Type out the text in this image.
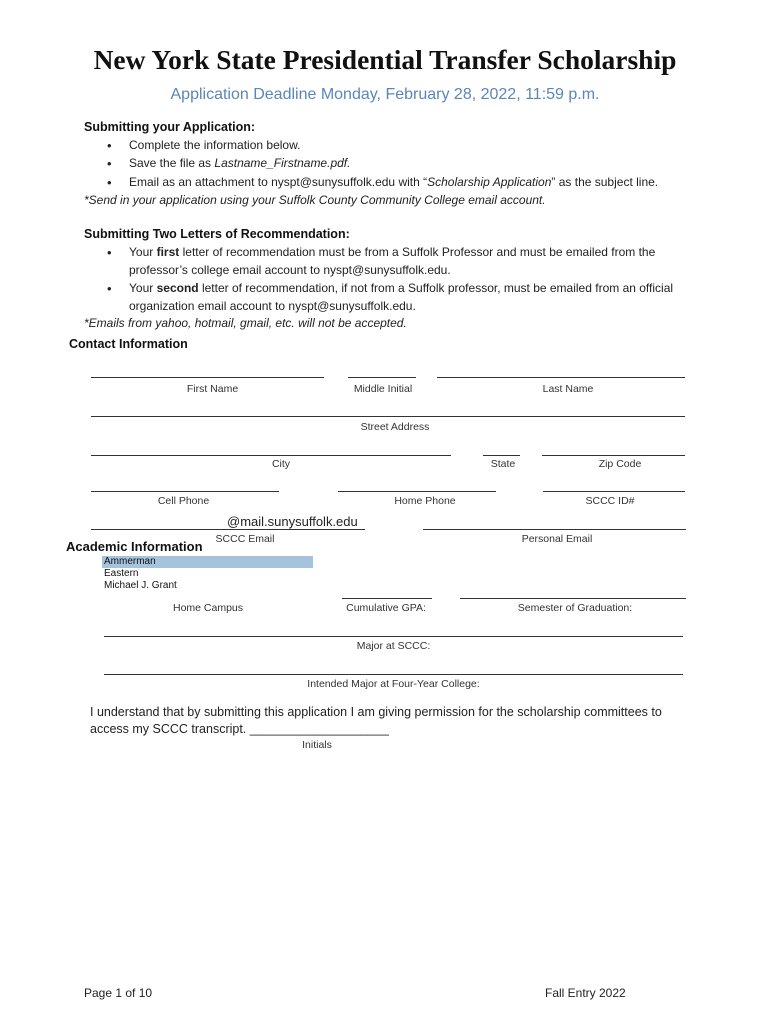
New York State Presidential Transfer Scholarship
Application Deadline Monday, February 28, 2022, 11:59 p.m.
Submitting your Application:
• Complete the information below.
• Save the file as Lastname_Firstname.pdf.
• Email as an attachment to nyspt@sunysuffolk.edu with “Scholarship Application” as the subject line.
*Send in your application using your Suffolk County Community College email account.
Submitting Two Letters of Recommendation:
• Your first letter of recommendation must be from a Suffolk Professor and must be emailed from the
professor’s college email account to nyspt@sunysuffolk.edu.
• Your second letter of recommendation, if not from a Suffolk professor, must be emailed from an official
organization email account to nyspt@sunysuffolk.edu.
*Emails from yahoo, hotmail, gmail, etc. will not be accepted.
Contact Information
First Name	Middle Initial	Last Name
Street Address
City	State	Zip Code
Cell Phone	Home Phone	SCCC ID#
@mail.sunysuffolk.edu
SCCC Email	Personal Email
Academic Information
Ammerman
Eastern
Michael J. Grant
Home Campus	Cumulative GPA:	Semester of Graduation:
Major at SCCC:
Intended Major at Four-Year College:
I understand that by submitting this application I am giving permission for the scholarship committees to
access my SCCC transcript. ____________________
Initials
Page 1 of 10	Fall Entry 2022
